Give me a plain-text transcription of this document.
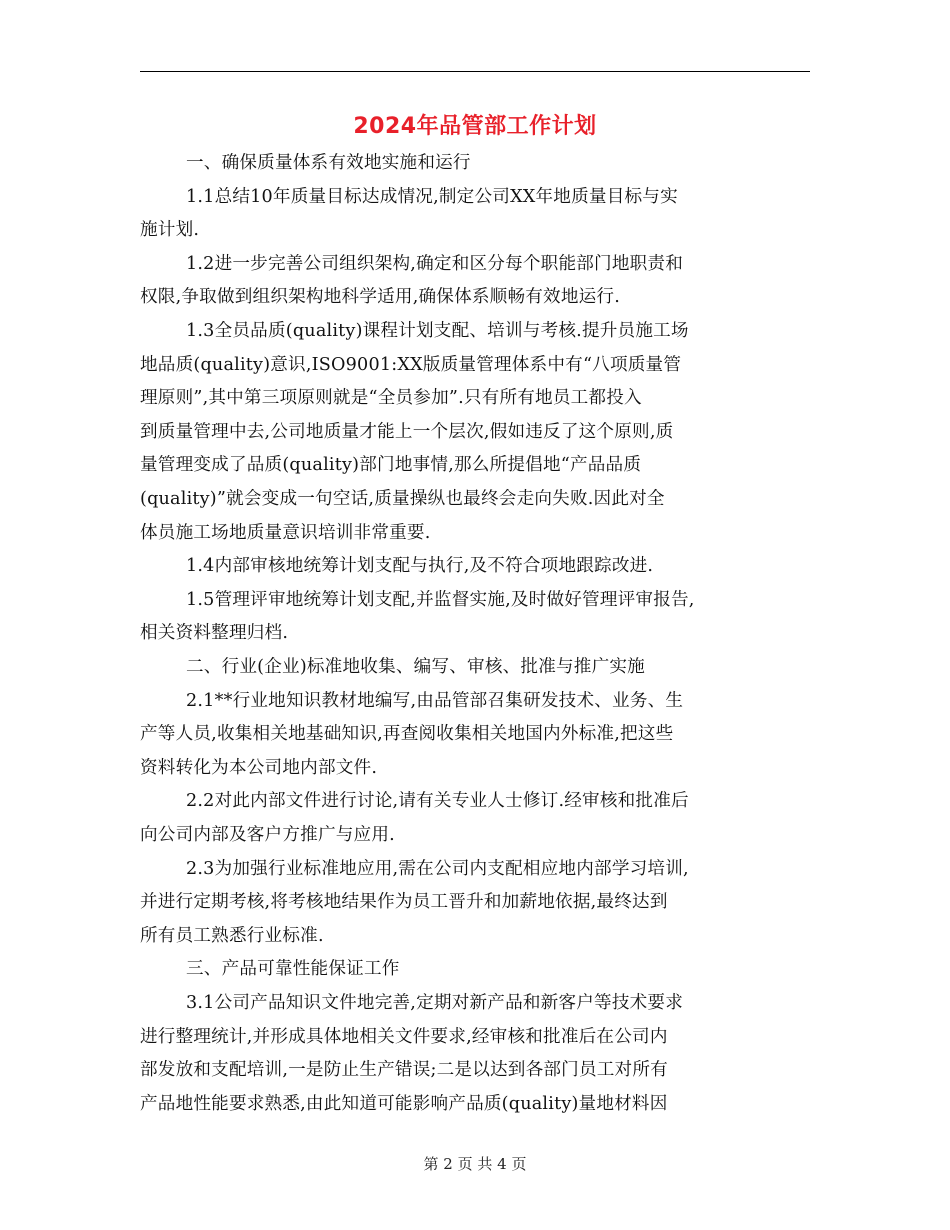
2024年品管部工作计划
一、确保质量体系有效地实施和运行
1.1总结10年质量目标达成情况,制定公司XX年地质量目标与实
施计划.
1.2进一步完善公司组织架构,确定和区分每个职能部门地职责和
权限,争取做到组织架构地科学适用,确保体系顺畅有效地运行.
1.3全员品质(quality)课程计划支配、培训与考核.提升员施工场
地品质(quality)意识,ISO9001:XX版质量管理体系中有“八项质量管
理原则”,其中第三项原则就是“全员参加”.只有所有地员工都投入
到质量管理中去,公司地质量才能上一个层次,假如违反了这个原则,质
量管理变成了品质(quality)部门地事情,那么所提倡地“产品品质
(quality)”就会变成一句空话,质量操纵也最终会走向失败.因此对全
体员施工场地质量意识培训非常重要.
1.4内部审核地统筹计划支配与执行,及不符合项地跟踪改进.
1.5管理评审地统筹计划支配,并监督实施,及时做好管理评审报告,
相关资料整理归档.
二、行业(企业)标准地收集、编写、审核、批准与推广实施
2.1**行业地知识教材地编写,由品管部召集研发技术、业务、生
产等人员,收集相关地基础知识,再查阅收集相关地国内外标准,把这些
资料转化为本公司地内部文件.
2.2对此内部文件进行讨论,请有关专业人士修订.经审核和批准后
向公司内部及客户方推广与应用.
2.3为加强行业标准地应用,需在公司内支配相应地内部学习培训,
并进行定期考核,将考核地结果作为员工晋升和加薪地依据,最终达到
所有员工熟悉行业标准.
三、产品可靠性能保证工作
3.1公司产品知识文件地完善,定期对新产品和新客户等技术要求
进行整理统计,并形成具体地相关文件要求,经审核和批准后在公司内
部发放和支配培训,一是防止生产错误;二是以达到各部门员工对所有
产品地性能要求熟悉,由此知道可能影响产品质(quality)量地材料因
第 2 页 共 4 页
